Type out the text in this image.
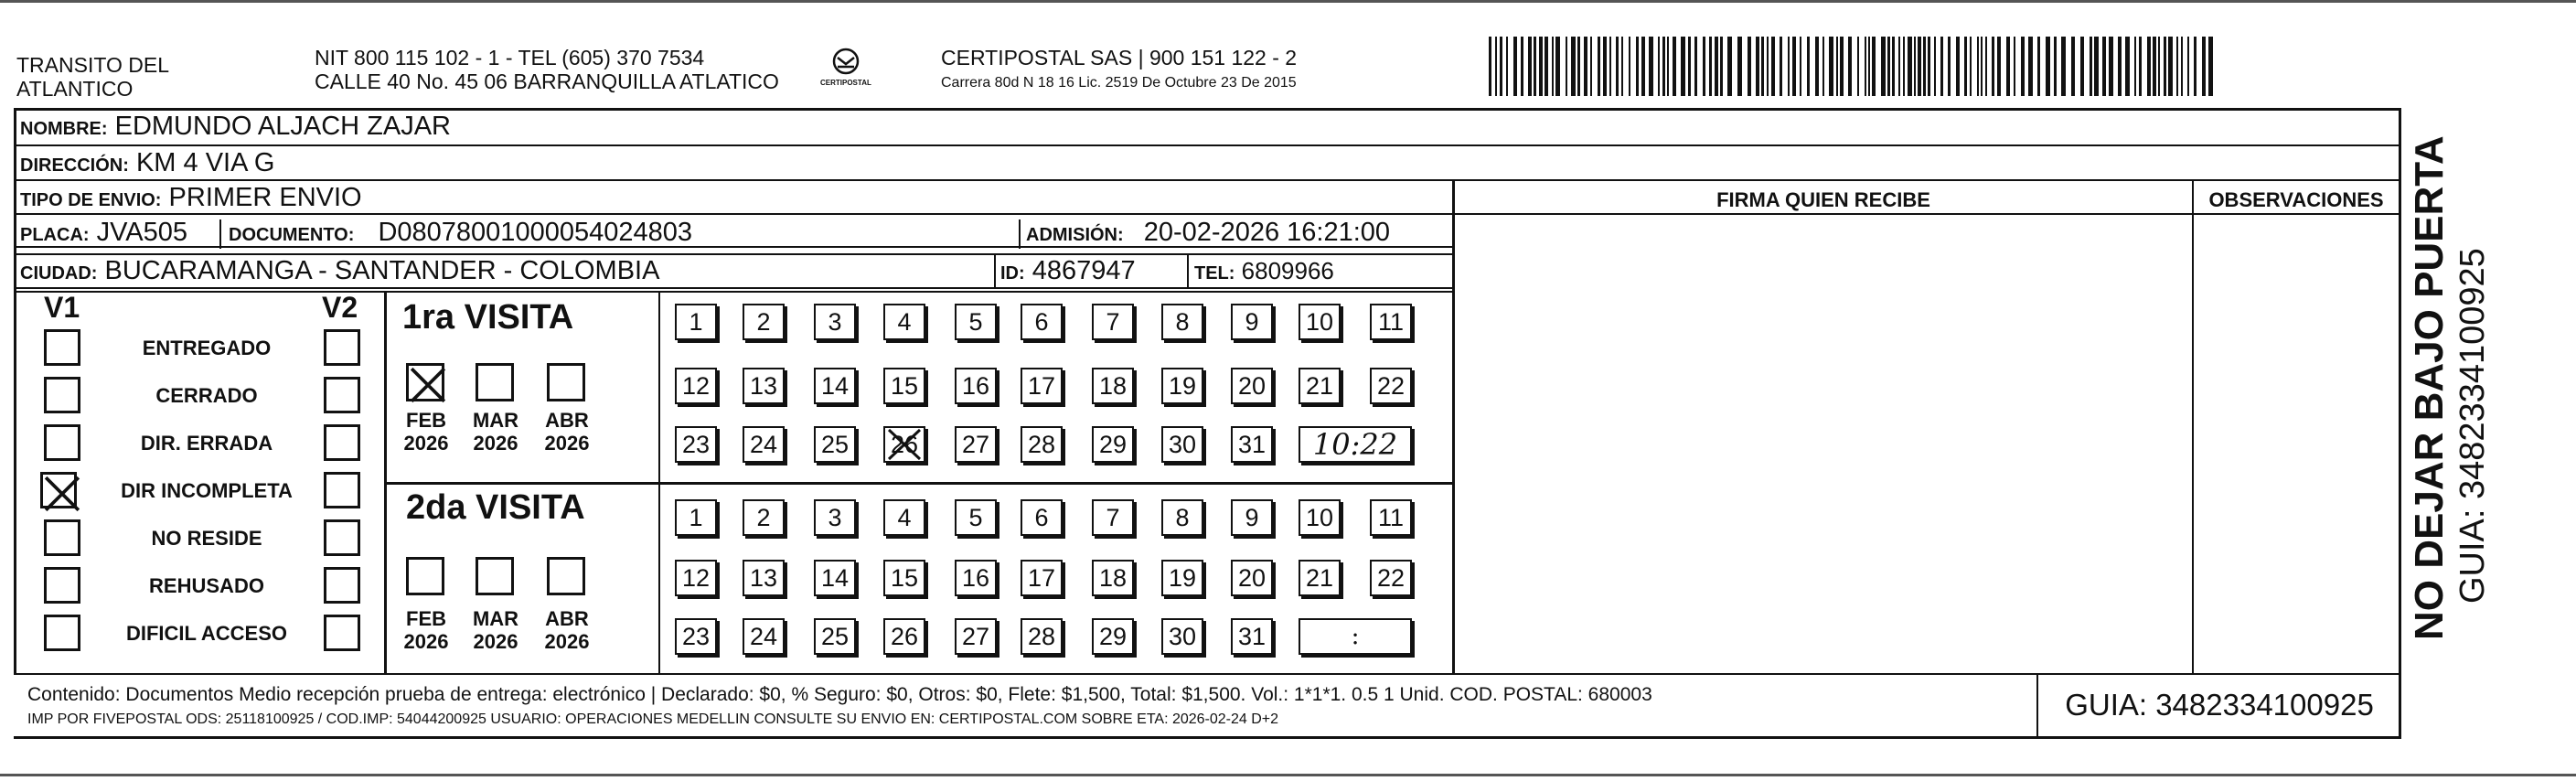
TRANSITO DEL
ATLANTICO
NIT 800 115 102 - 1 - TEL (605) 370 7534
CALLE 40 No. 45 06 BARRANQUILLA ATLATICO	CERTIPOSTAL
CERTIPOSTAL SAS | 900 151 122 - 2
Carrera 80d N 18 16 Lic. 2519 De Octubre 23 De 2015
FIRMA QUIEN RECIBE	OBSERVACIONES
NOMBRE: EDMUNDO ALJACH ZAJAR
DIRECCIÓN: KM 4 VIA G
TIPO DE ENVIO: PRIMER ENVIO
PLACA: JVA505 DOCUMENTO: D08078001000054024803	ADMISIÓN: 20-02-2026 16:21:00
CIUDAD: BUCARAMANGA - SANTANDER - COLOMBIA	ID: 4867947	TEL: 6809966
V1	V2
ENTREGADO
CERRADO
DIR. ERRADA
DIR INCOMPLETA
NO RESIDE
REHUSADO
DIFICIL ACCESO
1ra VISITA
FEB
2026
MAR
2026
ABR
2026
1	2	3	4	5	6	7	8	9	10	11
12 13 14 15 16 17 18 19 20 21 22
23 24 25 26 27 28 29 30 31	10:22
2da VISITA
FEB
2026
MAR
2026
ABR
2026
1	2	3	4	5	6	7	8	9	10	11
12 13 14 15 16 17 18 19 20 21 22
23 24 25 26 27 28 29 30 31	:
Contenido: Documentos Medio recepción prueba de entrega: electrónico | Declarado: $0, % Seguro: $0, Otros: $0, Flete: $1,500, Total: $1,500. Vol.: 1*1*1. 0.5 1 Unid. COD. POSTAL: 680003
IMP POR FIVEPOSTAL ODS: 25118100925 / COD.IMP: 54044200925 USUARIO: OPERACIONES MEDELLIN CONSULTE SU ENVIO EN: CERTIPOSTAL.COM SOBRE ETA: 2026-02-24 D+2	GUIA: 3482334100925
NO DEJAR BAJO PUERTA GUIA: 3482334100925
